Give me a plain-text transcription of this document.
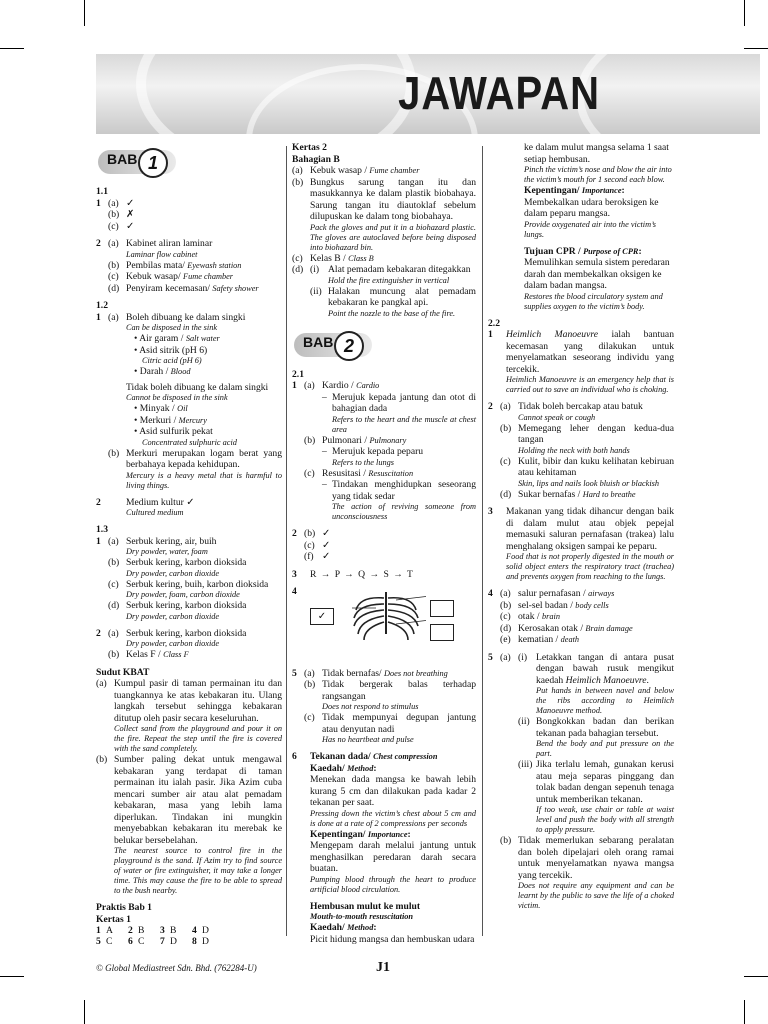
JAWAPAN
BAB 1
1.1
1 (a) ✓
(b) ✗
(c) ✓
2 (a) Kabinet aliran laminar
Laminar flow cabinet
(b) Pembilas mata/ Eyewash station
(c) Kebuk wasap/ Fume chamber
(d) Penyiram kecemasan/ Safety shower
1.2
1 (a) Boleh dibuang ke dalam singki
Can be disposed in the sink
• Air garam / Salt water
• Asid sitrik (pH 6)
Citric acid (pH 6)
• Darah / Blood
Tidak boleh dibuang ke dalam singki
Cannot be disposed in the sink
• Minyak / Oil
• Merkuri / Mercury
• Asid sulfurik pekat
Concentrated sulphuric acid
(b) Merkuri merupakan logam berat yang berbahaya kepada kehidupan.
Mercury is a heavy metal that is harmful to living things.
2	Medium kultur ✓
Cultured medium
1.3
1 (a) Serbuk kering, air, buih
Dry powder, water, foam
(b) Serbuk kering, karbon dioksida
Dry powder, carbon dioxide
(c) Serbuk kering, buih, karbon dioksida
Dry powder, foam, carbon dioxide
(d) Serbuk kering, karbon dioksida
Dry powder, carbon dioxide
2 (a) Serbuk kering, karbon dioksida
Dry powder, carbon dioxide
(b) Kelas F / Class F
Sudut KBAT
(a) Kumpul pasir di taman permainan itu dan tuangkannya ke atas kebakaran itu. Ulang langkah tersebut sehingga kebakaran ditutup oleh pasir secara keseluruhan.
Collect sand from the playground and pour it on the fire. Repeat the step until the fire is covered with the sand completely.
(b) Sumber paling dekat untuk mengawal kebakaran yang terdapat di taman permainan itu ialah pasir. Jika Azim cuba mencari sumber air atau alat pemadam kebakaran, masa yang lebih lama diperlukan. Tindakan ini mungkin menyebabkan kebakaran itu merebak ke belukar bersebelahan.
The nearest source to control fire in the playground is the sand. If Azim try to find source of water or fire extinguisher, it may take a longer time. This may cause the fire to be able to spread to the bush nearby.
Praktis Bab 1
Kertas 1
1 A	2 B	3 B	4 D
5 C	6 C	7 D	8 D
Kertas 2
Bahagian B
(a) Kebuk wasap / Fume chamber
(b) Bungkus sarung tangan itu dan masukkannya ke dalam plastik biobahaya. Sarung tangan itu diautoklaf sebelum dilupuskan ke dalam tong biobahaya.
Pack the gloves and put it in a biohazard plastic. The gloves are autoclaved before being disposed into biohazard bin.
(c) Kelas B / Class B
(d) (i) Alat pemadam kebakaran ditegakkan
Hold the fire extinguisher in vertical
(ii) Halakan muncung alat pemadam kebakaran ke pangkal api.
Point the nozzle to the base of the fire.
BAB 2
2.1
1 (a) Kardio / Cardio
– Merujuk kepada jantung dan otot di bahagian dada
Refers to the heart and the muscle at chest area
(b) Pulmonari / Pulmonary
– Merujuk kepada peparu
Refers to the lungs
(c) Resusitasi / Resuscitation
– Tindakan menghidupkan seseorang yang tidak sedar
The action of reviving someone from unconsciousness
2 (b) ✓
(c) ✓
(f) ✓
3	R → P → Q → S → T
4
✓
5 (a) Tidak bernafas/ Does not breathing
(b) Tidak bergerak balas terhadap rangsangan
Does not respond to stimulus
(c) Tidak mempunyai degupan jantung atau denyutan nadi
Has no heartbeat and pulse
6	Tekanan dada/ Chest compression
Kaedah/ Method:
Menekan dada mangsa ke bawah lebih kurang 5 cm dan dilakukan pada kadar 2 tekanan per saat.
Pressing down the victim’s chest about 5 cm and is done at a rate of 2 compressions per seconds
Kepentingan/ Importance:
Mengepam darah melalui jantung untuk menghasilkan peredaran darah secara buatan.
Pumping blood through the heart to produce artificial blood circulation.
Hembusan mulut ke mulut
Mouth-to-mouth resuscitation
Kaedah/ Method:
Picit hidung mangsa dan hembuskan udara
ke dalam mulut mangsa selama 1 saat setiap hembusan.
Pinch the victim’s nose and blow the air into the victim’s mouth for 1 second each blow.
Kepentingan/ Importance:
Membekalkan udara beroksigen ke dalam peparu mangsa.
Provide oxygenated air into the victim’s lungs.
Tujuan CPR / Purpose of CPR:
Memulihkan semula sistem peredaran darah dan membekalkan oksigen ke dalam badan mangsa.
Restores the blood circulatory system and supplies oxygen to the victim’s body.
2.2
1	Heimlich Manoeuvre ialah bantuan kecemasan yang dilakukan untuk menyelamatkan seseorang individu yang tercekik.
Heimlich Manoeuvre is an emergency help that is carried out to save an individual who is choking.
2 (a) Tidak boleh bercakap atau batuk
Cannot speak or cough
(b) Memegang leher dengan kedua-dua tangan
Holding the neck with both hands
(c) Kulit, bibir dan kuku kelihatan kebiruan atau kehitaman
Skin, lips and nails look bluish or blackish
(d) Sukar bernafas / Hard to breathe
3	Makanan yang tidak dihancur dengan baik di dalam mulut atau objek pepejal memasuki saluran pernafasan (trakea) lalu menghalang oksigen sampai ke peparu.
Food that is not properly digested in the mouth or solid object enters the respiratory tract (trachea) and prevents oxygen from reaching to the lungs.
4 (a) salur pernafasan / airways
(b) sel-sel badan / body cells
(c) otak / brain
(d) Kerosakan otak / Brain damage
(e) kematian / death
5 (a) (i) Letakkan tangan di antara pusat dengan bawah rusuk mengikut kaedah Heimlich Manoeuvre.
Put hands in between navel and below the ribs according to Heimlich Manoeuvre method.
(ii) Bongkokkan badan dan berikan tekanan pada bahagian tersebut.
Bend the body and put pressure on the part.
(iii) Jika terlalu lemah, gunakan kerusi atau meja separas pinggang dan tolak badan dengan sepenuh tenaga untuk memberikan tekanan.
If too weak, use chair or table at waist level and push the body with all strength to apply pressure.
(b) Tidak memerlukan sebarang peralatan dan boleh dipelajari oleh orang ramai untuk menyelamatkan nyawa mangsa yang tercekik.
Does not require any equipment and can be learnt by the public to save the life of a choked victim.
© Global Mediastreet Sdn. Bhd. (762284-U)	J1
